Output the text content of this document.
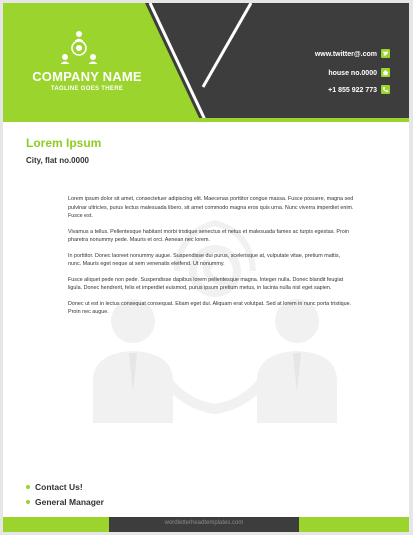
COMPANY NAME
TAGLINE GOES THERE
www.twitter@.com
house no.0000
+1 855 922 773
Lorem Ipsum
City, flat no.0000

Lorem ipsum dolor sit amet, consectetuer adipiscing elit. Maecenas porttitor congue massa. Fusce posuere, magna sed pulvinar ultricies, purus lectus malesuada libero, sit amet commodo magna eros quis urna. Nunc viverra imperdiet enim. Fusce est.

Vivamus a tellus. Pellentesque habitant morbi tristique senectus et netus et malesuada fames ac turpis egestas. Proin pharetra nonummy pede. Mauris et orci. Aenean nec lorem.

In porttitor. Donec laoreet nonummy augue. Suspendisse dui purus, scelerisque at, vulputate vitae, pretium mattis, nunc. Mauris eget neque at sem venenatis eleifend. Ut nonummy.

Fusce aliquet pede non pede. Suspendisse dapibus lorem pellentesque magna. Integer nulla. Donec blandit feugiat ligula. Donec hendrerit, felis et imperdiet euismod, purus ipsum pretium metus, in lacinia nulla nisl eget sapien.

Donec ut est in lectus consequat consequat. Etiam eget dui. Aliquam erat volutpat. Sed at lorem in nunc porta tristique. Proin nec augue.

Contact Us!
General Manager
wordletterheadtemplates.com
